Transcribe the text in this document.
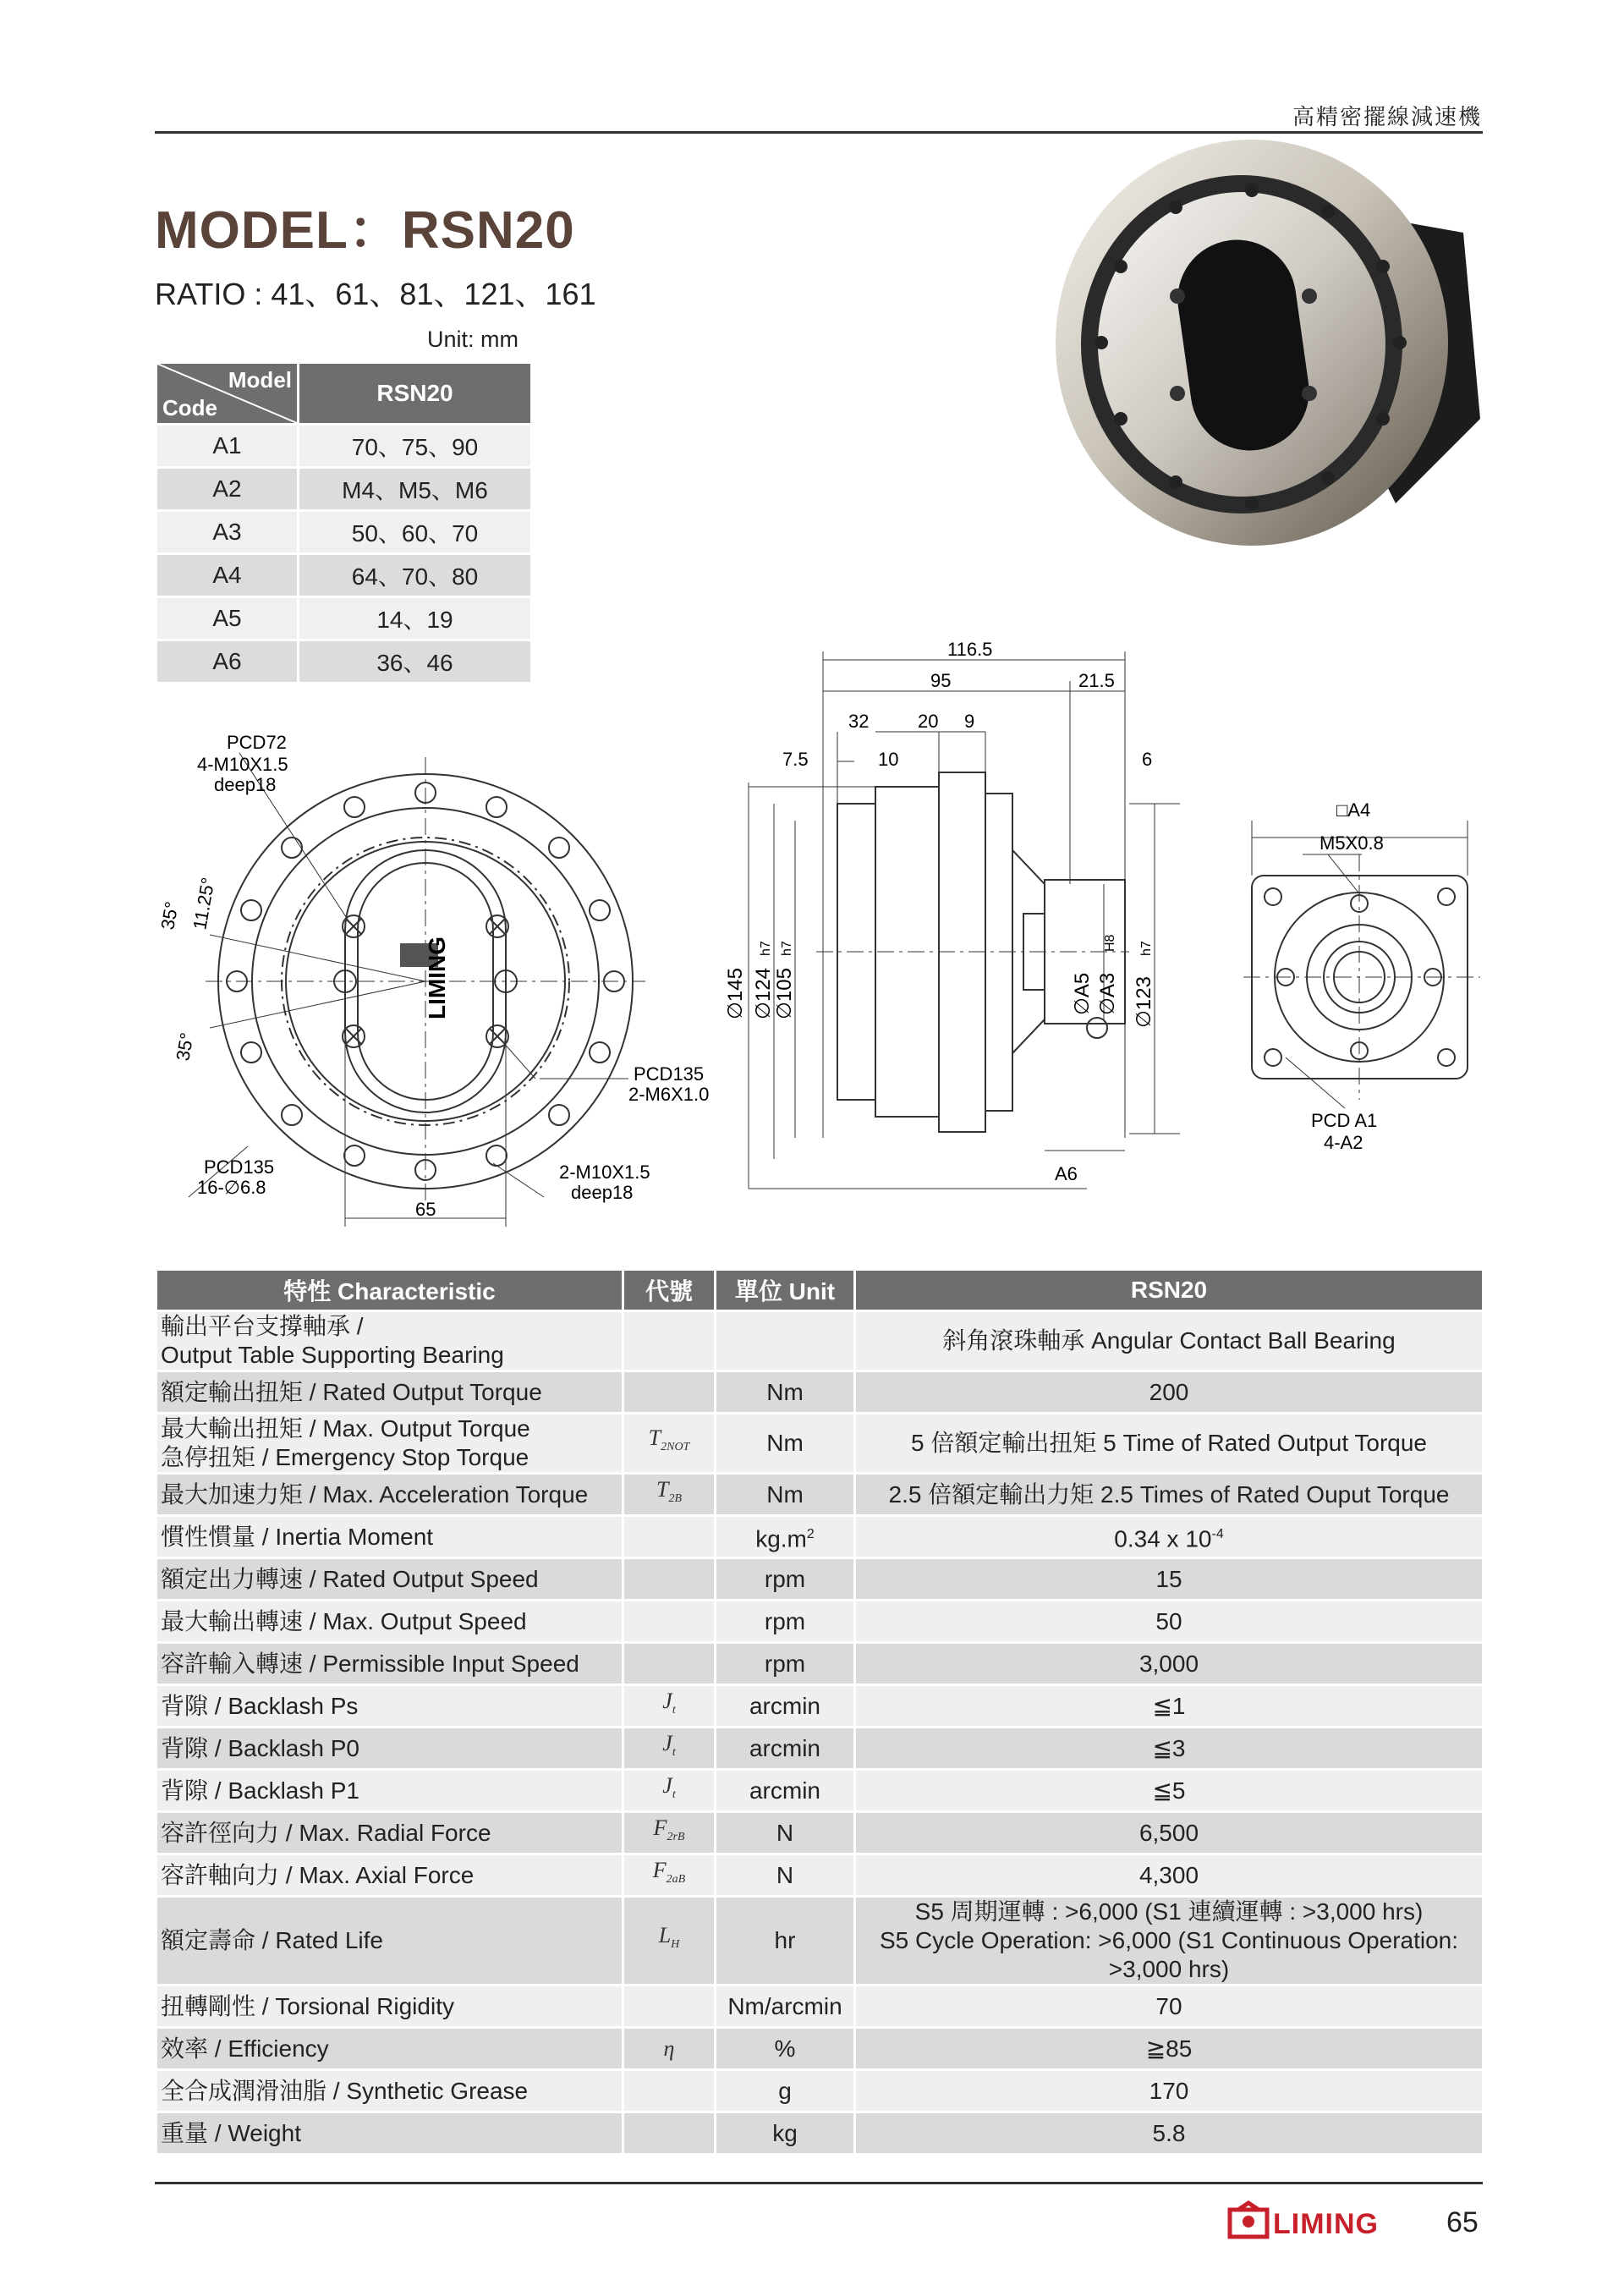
高精密擺線減速機
MODEL：RSN20
RATIO : 41、61、81、121、161
Unit: mm
Model
Code	RSN20
A1	70、75、90
A2	M4、M5、M6
A3	50、60、70
A4	64、70、80
A5	14、19
A6	36、46
PCD72
4-M10X1.5
deep18
35° 11.25°
35°
PCD135
16-∅6.8
PCD135
2-M6X1.0
2-M10X1.5
deep18
65
LIMING
116.5
95	21.5
32	20 9
7.5	10	6
∅145 ∅124
h7
∅105
h7
∅A5 ∅A3
H8
∅123
h7
A6
□A4
M5X0.8
PCD A1
4-A2
特性 Characteristic	代號	單位 Unit	RSN20

輸出平台支撐軸承 /
Output Table Supporting Bearing			斜角滾珠軸承 Angular Contact Ball Bearing

額定輸出扭矩 / Rated Output Torque		Nm	200

最大輸出扭矩 / Max. Output Torque
急停扭矩 / Emergency Stop Torque	$T_{2NOT}$	Nm	5 倍額定輸出扭矩 5 Time of Rated Output Torque

最大加速力矩 / Max. Acceleration Torque	$T_{2B}$	Nm	2.5 倍額定輸出力矩 2.5 Times of Rated Ouput Torque

慣性慣量 / Inertia Moment		$kg.m^2$	0.34 x $10^{-4}$

額定出力轉速 / Rated Output Speed		rpm	15

最大輸出轉速 / Max. Output Speed		rpm	50

容許輸入轉速 / Permissible Input Speed		rpm	3,000

背隙 / Backlash Ps	$J_t$	arcmin	≦1

背隙 / Backlash P0	$J_t$	arcmin	≦3

背隙 / Backlash P1	$J_t$	arcmin	≦5

容許徑向力 / Max. Radial Force	$F_{2rB}$	N	6,500

容許軸向力 / Max. Axial Force	$F_{2aB}$	N	4,300

額定壽命 / Rated Life	$L_H$	hr	S5 周期運轉 : >6,000 (S1 連續運轉 : >3,000 hrs)
S5 Cycle Operation: >6,000 (S1 Continuous Operation:
>3,000 hrs)

扭轉剛性 / Torsional Rigidity		Nm/arcmin	70

效率 / Efficiency	η	%	≧85

全合成潤滑油脂 / Synthetic Grease		g	170

重量 / Weight		kg	5.8
LIMING 65
